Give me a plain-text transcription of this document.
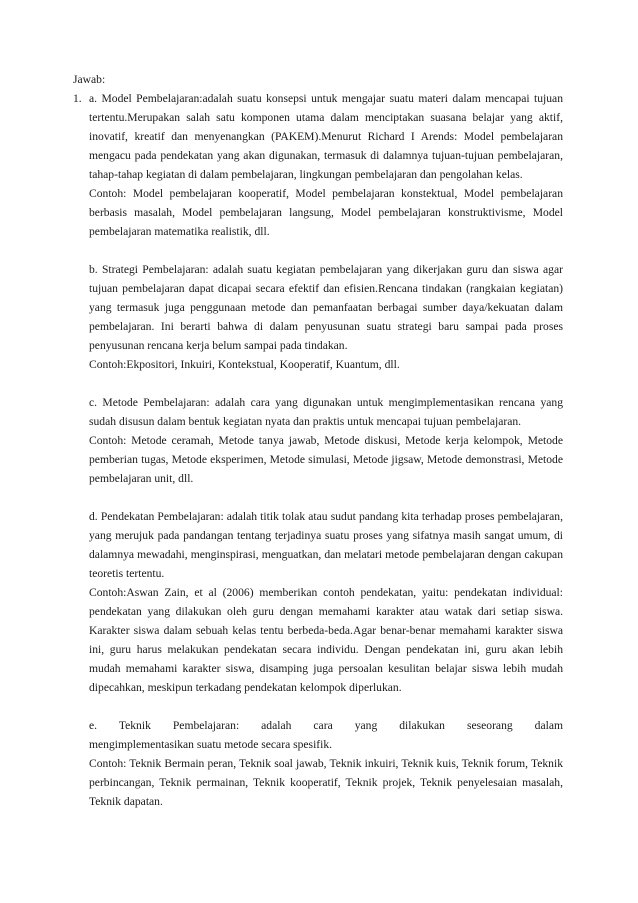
Jawab:

1. a. Model Pembelajaran:adalah suatu konsepsi untuk mengajar suatu materi dalam mencapai tujuan tertentu.Merupakan salah satu komponen utama dalam menciptakan suasana belajar yang aktif, inovatif, kreatif dan menyenangkan (PAKEM).Menurut Richard I Arends: Model pembelajaran mengacu pada pendekatan yang akan digunakan, termasuk di dalamnya tujuan-tujuan pembelajaran, tahap-tahap kegiatan di dalam pembelajaran, lingkungan pembelajaran dan pengolahan kelas.

Contoh: Model pembelajaran kooperatif, Model pembelajaran konstektual, Model pembelajaran berbasis masalah, Model pembelajaran langsung, Model pembelajaran konstruktivisme, Model pembelajaran matematika realistik, dll.

b. Strategi Pembelajaran: adalah suatu kegiatan pembelajaran yang dikerjakan guru dan siswa agar tujuan pembelajaran dapat dicapai secara efektif dan efisien.Rencana tindakan (rangkaian kegiatan) yang termasuk juga penggunaan metode dan pemanfaatan berbagai sumber daya/kekuatan dalam pembelajaran. Ini berarti bahwa di dalam penyusunan suatu strategi baru sampai pada proses penyusunan rencana kerja belum sampai pada tindakan.

Contoh:Ekpositori, Inkuiri, Kontekstual, Kooperatif, Kuantum, dll.

c. Metode Pembelajaran: adalah cara yang digunakan untuk mengimplementasikan rencana yang sudah disusun dalam bentuk kegiatan nyata dan praktis untuk mencapai tujuan pembelajaran.

Contoh: Metode ceramah, Metode tanya jawab, Metode diskusi, Metode kerja kelompok, Metode pemberian tugas, Metode eksperimen, Metode simulasi, Metode jigsaw, Metode demonstrasi, Metode pembelajaran unit, dll.

d. Pendekatan Pembelajaran: adalah titik tolak atau sudut pandang kita terhadap proses pembelajaran, yang merujuk pada pandangan tentang terjadinya suatu proses yang sifatnya masih sangat umum, di dalamnya mewadahi, menginspirasi, menguatkan, dan melatari metode pembelajaran dengan cakupan teoretis tertentu.

Contoh:Aswan Zain, et al (2006) memberikan contoh pendekatan, yaitu: pendekatan individual: pendekatan yang dilakukan oleh guru dengan memahami karakter atau watak dari setiap siswa. Karakter siswa dalam sebuah kelas tentu berbeda-beda.Agar benar-benar memahami karakter siswa ini, guru harus melakukan pendekatan secara individu. Dengan pendekatan ini, guru akan lebih mudah memahami karakter siswa, disamping juga persoalan kesulitan belajar siswa lebih mudah dipecahkan, meskipun terkadang pendekatan kelompok diperlukan.

e. Teknik Pembelajaran: adalah cara yang dilakukan seseorang dalam

mengimplementasikan suatu metode secara spesifik.

Contoh: Teknik Bermain peran, Teknik soal jawab, Teknik inkuiri, Teknik kuis, Teknik forum, Teknik perbincangan, Teknik permainan, Teknik kooperatif, Teknik projek, Teknik penyelesaian masalah, Teknik dapatan.
